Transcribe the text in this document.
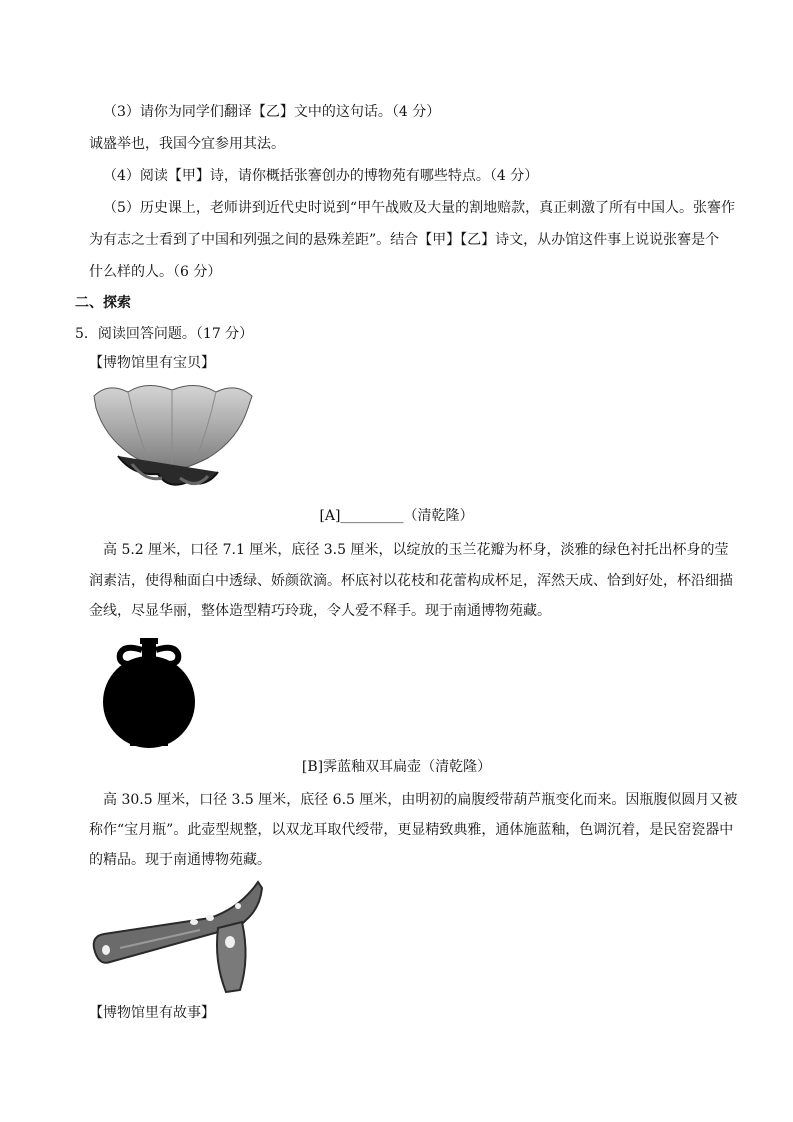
（3）请你为同学们翻译【乙】文中的这句话。（4 分）
诚盛举也，我国今宜参用其法。
（4）阅读【甲】诗，请你概括张謇创办的博物苑有哪些特点。（4 分）
（5）历史课上，老师讲到近代史时说到“甲午战败及大量的割地赔款，真正刺激了所有中国人。张謇作
为有志之士看到了中国和列强之间的悬殊差距”。结合【甲】【乙】诗文，从办馆这件事上说说张謇是个
什么样的人。（6 分）
二、探索
5．阅读回答问题。（17 分）
【博物馆里有宝贝】
[A]_________（清乾隆）
高 5.2 厘米，口径 7.1 厘米，底径 3.5 厘米，以绽放的玉兰花瓣为杯身，淡雅的绿色衬托出杯身的莹
润素洁，使得釉面白中透绿、娇颜欲滴。杯底衬以花枝和花蕾构成杯足，浑然天成、恰到好处，杯沿细描
金线，尽显华丽，整体造型精巧玲珑，令人爱不释手。现于南通博物苑藏。
[B]霁蓝釉双耳扁壶（清乾隆）
高 30.5 厘米，口径 3.5 厘米，底径 6.5 厘米，由明初的扁腹绶带葫芦瓶变化而来。因瓶腹似圆月又被
称作“宝月瓶”。此壶型规整，以双龙耳取代绶带，更显精致典雅，通体施蓝釉，色调沉着，是民窑瓷器中
的精品。现于南通博物苑藏。
【博物馆里有故事】
